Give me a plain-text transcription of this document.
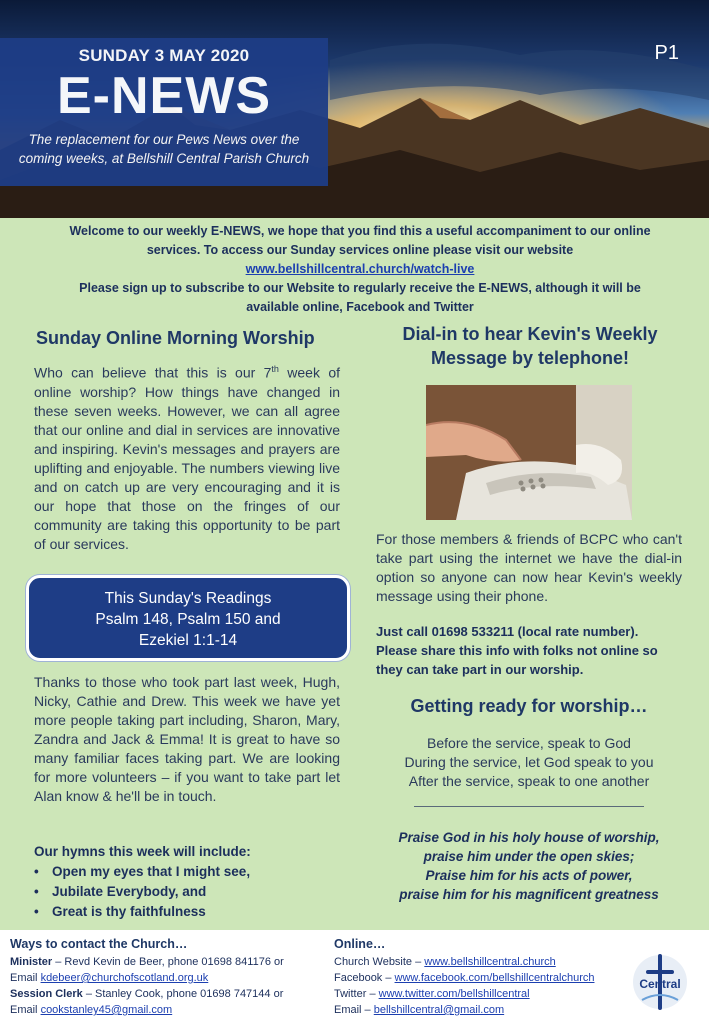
SUNDAY 3 MAY 2020
E-NEWS
The replacement for our Pews News over the
coming weeks, at Bellshill Central Parish Church
P1
Welcome to our weekly E-NEWS, we hope that you find this a useful accompaniment to our online
services. To access our Sunday services online please visit our website
www.bellshillcentral.church/watch-live
Please sign up to subscribe to our Website to regularly receive the E-NEWS, although it will be
available online, Facebook and Twitter
Sunday Online Morning Worship
Who can believe that this is our 7th week of online worship? How things have changed in these seven weeks. However, we can all agree that our online and dial in services are innovative and inspiring. Kevin's messages and prayers are uplifting and enjoyable. The numbers viewing live and on catch up are very encouraging and it is our hope that those on the fringes of our community are taking this opportunity to be part of our services.
This Sunday's Readings
Psalm 148, Psalm 150 and
Ezekiel 1:1-14
Thanks to those who took part last week, Hugh, Nicky, Cathie and Drew. This week we have yet more people taking part including, Sharon, Mary, Zandra and Jack & Emma! It is great to have so many familiar faces taking part. We are looking for more volunteers – if you want to take part let Alan know & he'll be in touch.
Our hymns this week will include:
• Open my eyes that I might see,
• Jubilate Everybody, and
• Great is thy faithfulness
Dial-in to hear Kevin's Weekly
Message by telephone!
For those members & friends of BCPC who can't take part using the internet we have the dial-in option so anyone can now hear Kevin's weekly message using their phone.
Just call 01698 533211 (local rate number). Please share this info with folks not online so they can take part in our worship.
Getting ready for worship…
Before the service, speak to God
During the service, let God speak to you
After the service, speak to one another
Praise God in his holy house of worship,
praise him under the open skies;
Praise him for his acts of power,
praise him for his magnificent greatness
Ways to contact the Church…
Minister – Revd Kevin de Beer, phone 01698 841176 or
Email kdebeer@churchofscotland.org.uk
Session Clerk – Stanley Cook, phone 01698 747144 or
Email cookstanley45@gmail.com
Online…
Church Website – www.bellshillcentral.church
Facebook – www.facebook.com/bellshillcentralchurch
Twitter – www.twitter.com/bellshillcentral
Email – bellshillcentral@gmail.com
Central
